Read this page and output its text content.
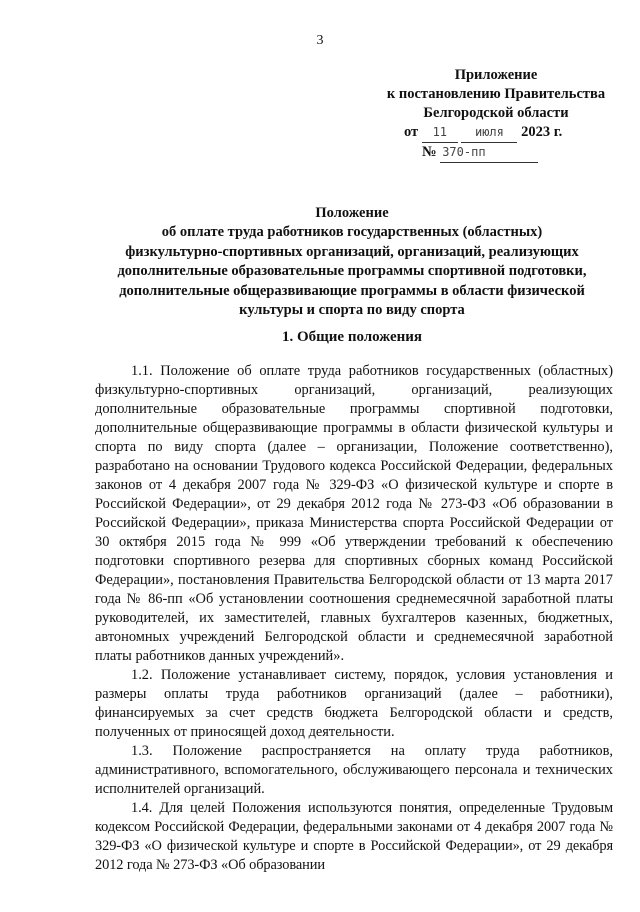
3
Приложение
к постановлению Правительства
Белгородской области
от 11 июля 2023 г.
№ 370-пп
Положение
об оплате труда работников государственных (областных)
физкультурно-спортивных организаций, организаций, реализующих
дополнительные образовательные программы спортивной подготовки,
дополнительные общеразвивающие программы в области физической
культуры и спорта по виду спорта
1. Общие положения

1.1. Положение об оплате труда работников государственных (областных) физкультурно-спортивных организаций, организаций, реализующих дополнительные образовательные программы спортивной подготовки, дополнительные общеразвивающие программы в области физической культуры и спорта по виду спорта (далее – организации, Положение соответственно), разработано на основании Трудового кодекса Российской Федерации, федеральных законов от 4 декабря 2007 года № 329-ФЗ «О физической культуре и спорте в Российской Федерации», от 29 декабря 2012 года № 273-ФЗ «Об образовании в Российской Федерации», приказа Министерства спорта Российской Федерации от 30 октября 2015 года № 999 «Об утверждении требований к обеспечению подготовки спортивного резерва для спортивных сборных команд Российской Федерации», постановления Правительства Белгородской области от 13 марта 2017 года № 86-пп «Об установлении соотношения среднемесячной заработной платы руководителей, их заместителей, главных бухгалтеров казенных, бюджетных, автономных учреждений Белгородской области и среднемесячной заработной платы работников данных учреждений».

1.2. Положение устанавливает систему, порядок, условия установления и размеры оплаты труда работников организаций (далее – работники), финансируемых за счет средств бюджета Белгородской области и средств, полученных от приносящей доход деятельности.

1.3. Положение распространяется на оплату труда работников, административного, вспомогательного, обслуживающего персонала и технических исполнителей организаций.

1.4. Для целей Положения используются понятия, определенные Трудовым кодексом Российской Федерации, федеральными законами от 4 декабря 2007 года № 329-ФЗ «О физической культуре и спорте в Российской Федерации», от 29 декабря 2012 года № 273-ФЗ «Об образовании
